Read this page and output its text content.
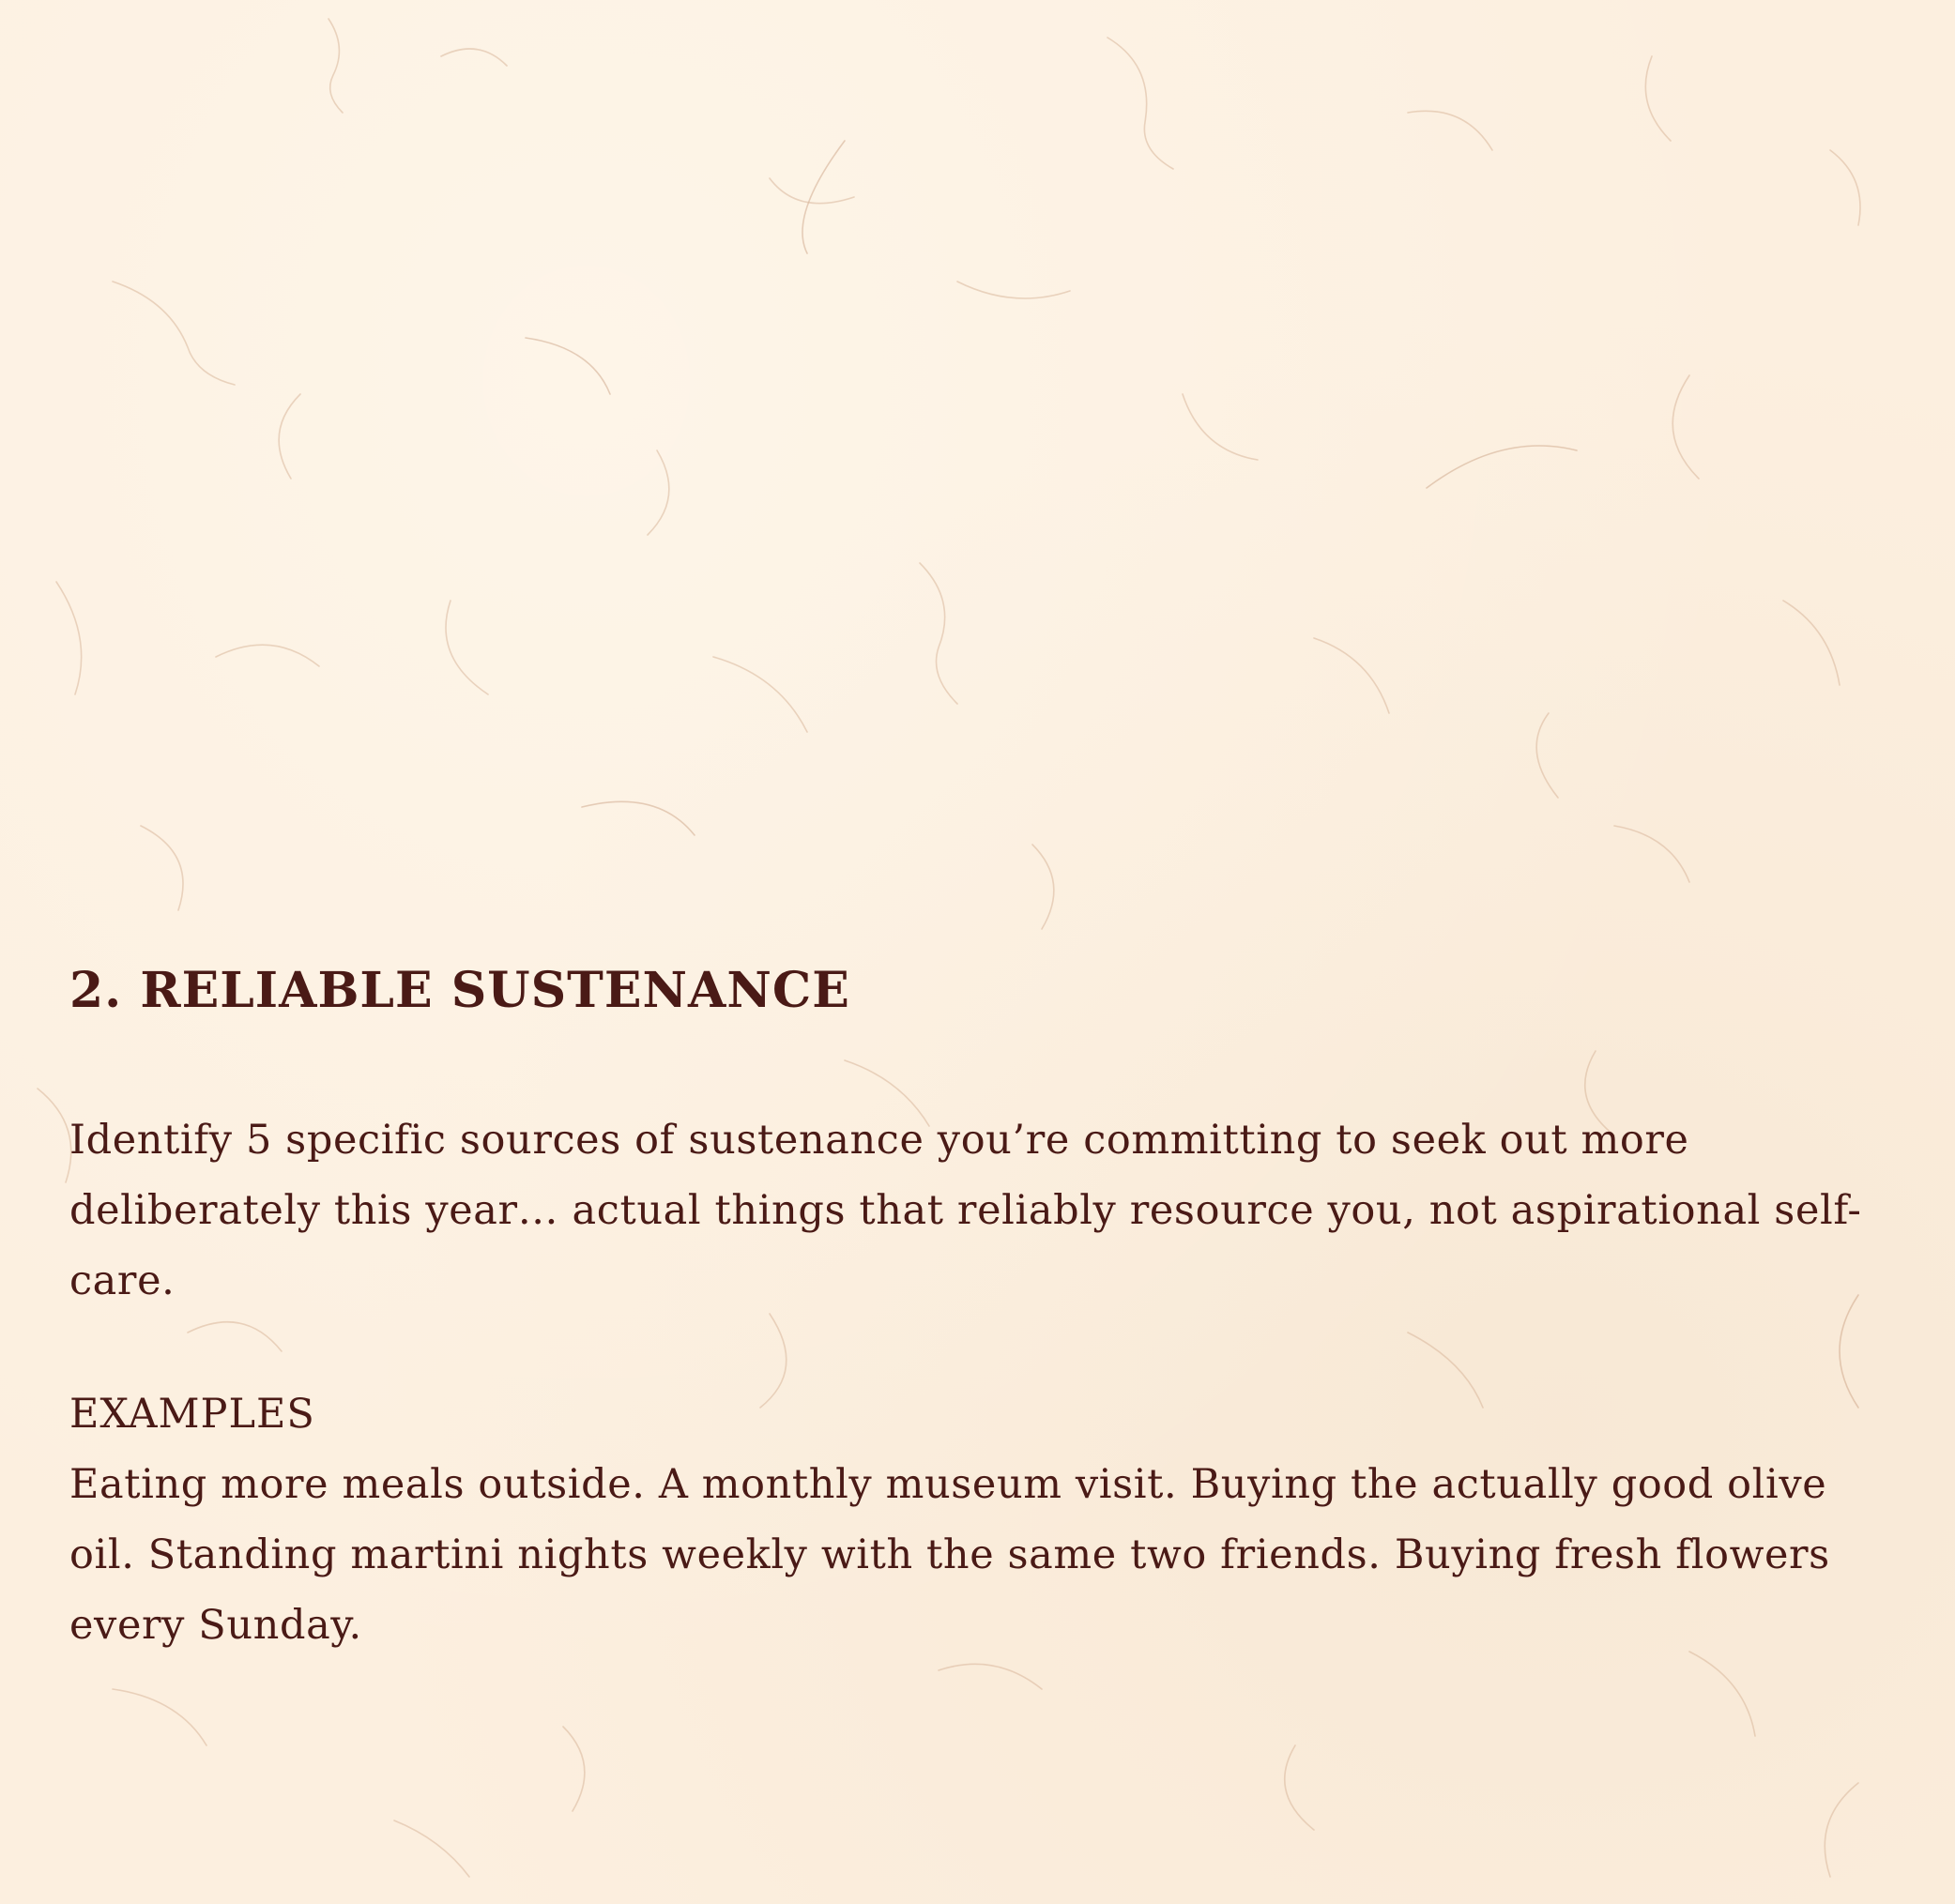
2. RELIABLE SUSTENANCE

Identify 5 specific sources of sustenance you’re committing to seek out more deliberately this year… actual things that reliably resource you, not aspirational self-care.

EXAMPLES

Eating more meals outside. A monthly museum visit. Buying the actually good olive oil. Standing martini nights weekly with the same two friends. Buying fresh flowers every Sunday.
